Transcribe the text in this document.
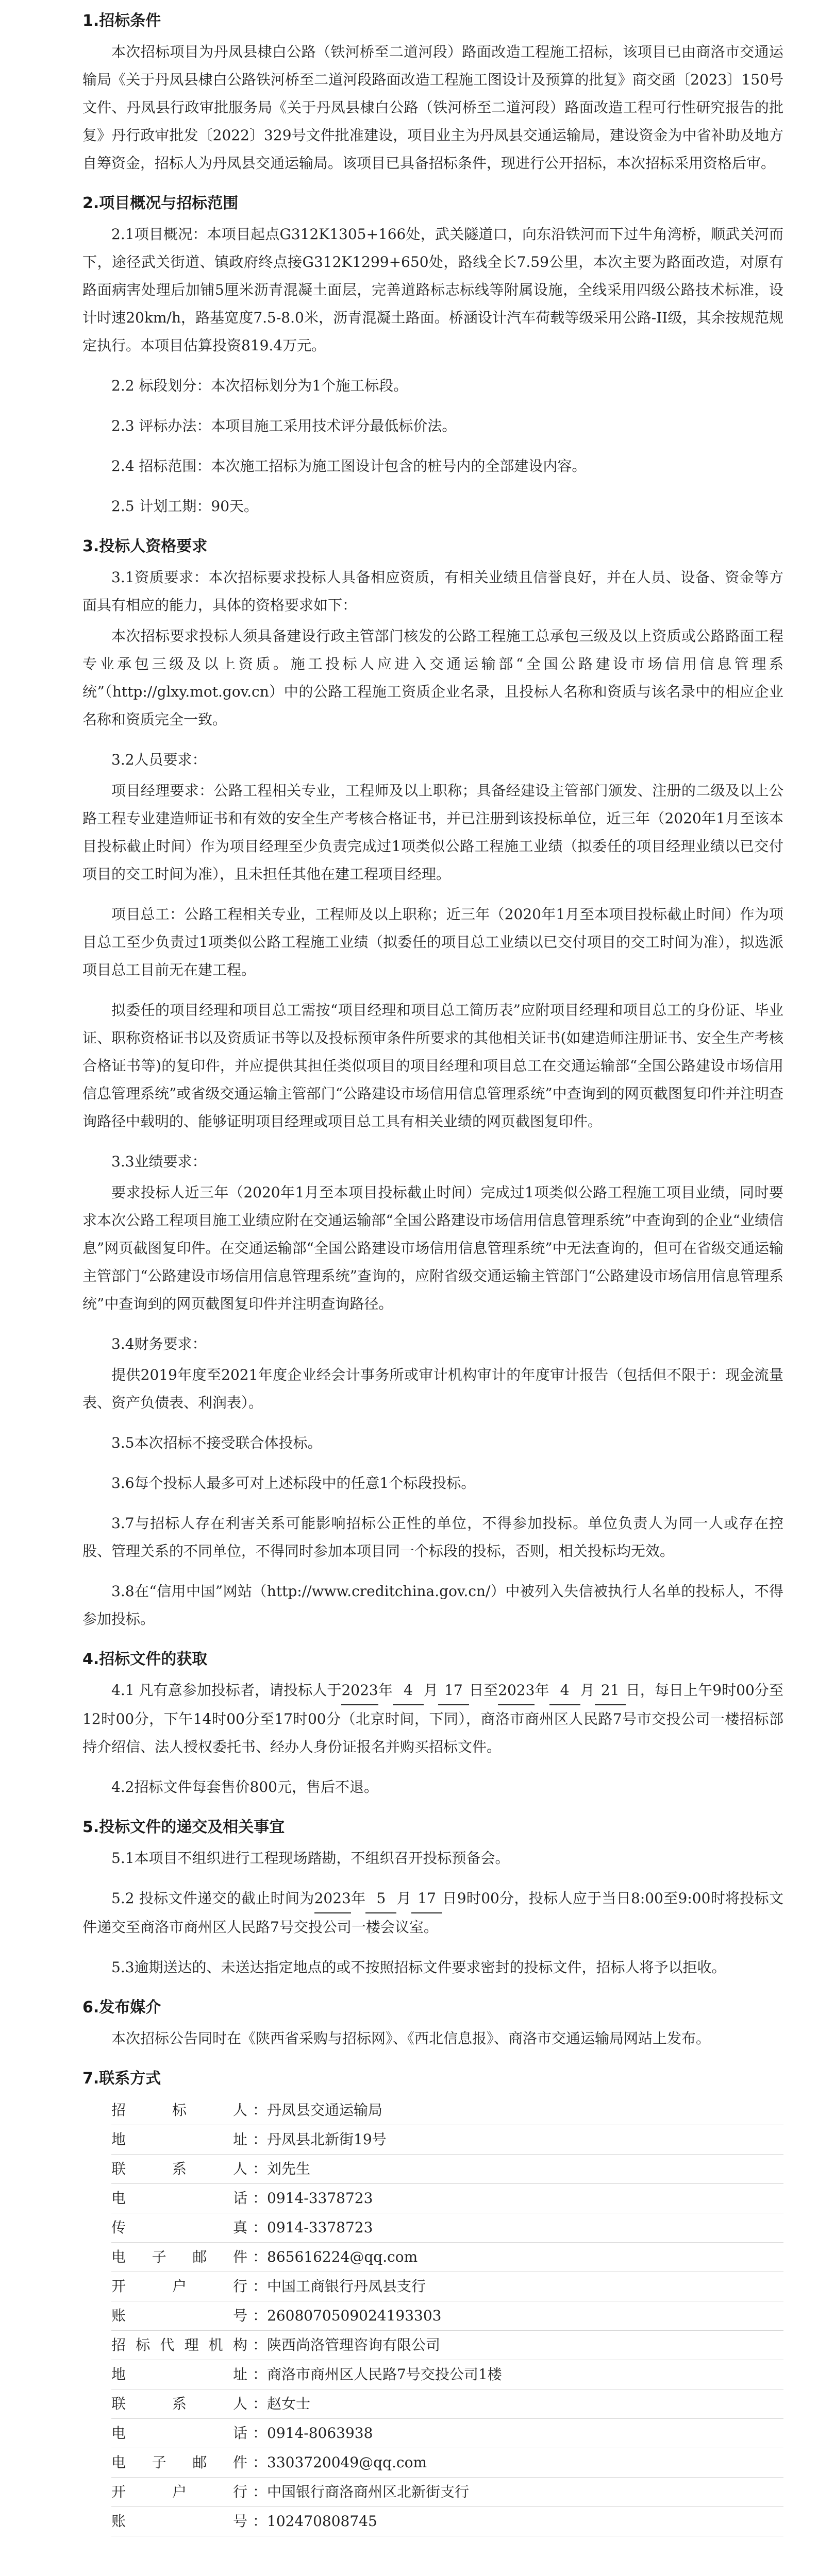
1.招标条件

本次招标项目为丹凤县棣白公路（铁河桥至二道河段）路面改造工程施工招标，该项目已由商洛市交通运输局《关于丹凤县棣白公路铁河桥至二道河段路面改造工程施工图设计及预算的批复》商交函〔2023〕150号文件、丹凤县行政审批服务局《关于丹凤县棣白公路（铁河桥至二道河段）路面改造工程可行性研究报告的批复》丹行政审批发〔2022〕329号文件批准建设，项目业主为丹凤县交通运输局，建设资金为中省补助及地方自筹资金，招标人为丹凤县交通运输局。该项目已具备招标条件，现进行公开招标，本次招标采用资格后审。

2.项目概况与招标范围

2.1项目概况：本项目起点G312K1305+166处，武关隧道口，向东沿铁河而下过牛角湾桥，顺武关河而下，途径武关街道、镇政府终点接G312K1299+650处，路线全长7.59公里，本次主要为路面改造，对原有路面病害处理后加铺5厘米沥青混凝土面层，完善道路标志标线等附属设施，全线采用四级公路技术标准，设计时速20km/h，路基宽度7.5-8.0米，沥青混凝土路面。桥涵设计汽车荷载等级采用公路-II级，其余按规范规定执行。本项目估算投资819.4万元。

2.2 标段划分：本次招标划分为1个施工标段。

2.3 评标办法：本项目施工采用技术评分最低标价法。

2.4 招标范围：本次施工招标为施工图设计包含的桩号内的全部建设内容。

2.5 计划工期：90天。

3.投标人资格要求

3.1资质要求：本次招标要求投标人具备相应资质，有相关业绩且信誉良好，并在人员、设备、资金等方面具有相应的能力，具体的资格要求如下：

本次招标要求投标人须具备建设行政主管部门核发的公路工程施工总承包三级及以上资质或公路路面工程专业承包三级及以上资质。施工投标人应进入交通运输部“全国公路建设市场信用信息管理系统”（http://glxy.mot.gov.cn）中的公路工程施工资质企业名录，且投标人名称和资质与该名录中的相应企业名称和资质完全一致。

3.2人员要求：

项目经理要求：公路工程相关专业，工程师及以上职称；具备经建设主管部门颁发、注册的二级及以上公路工程专业建造师证书和有效的安全生产考核合格证书，并已注册到该投标单位，近三年（2020年1月至该本目投标截止时间）作为项目经理至少负责完成过1项类似公路工程施工业绩（拟委任的项目经理业绩以已交付项目的交工时间为准），且未担任其他在建工程项目经理。

项目总工：公路工程相关专业，工程师及以上职称；近三年（2020年1月至本项目投标截止时间）作为项目总工至少负责过1项类似公路工程施工业绩（拟委任的项目总工业绩以已交付项目的交工时间为准），拟选派项目总工目前无在建工程。

拟委任的项目经理和项目总工需按“项目经理和项目总工简历表”应附项目经理和项目总工的身份证、毕业证、职称资格证书以及资质证书等以及投标预审条件所要求的其他相关证书(如建造师注册证书、安全生产考核合格证书等)的复印件，并应提供其担任类似项目的项目经理和项目总工在交通运输部“全国公路建设市场信用信息管理系统”或省级交通运输主管部门“公路建设市场信用信息管理系统”中查询到的网页截图复印件并注明查询路径中载明的、能够证明项目经理或项目总工具有相关业绩的网页截图复印件。

3.3业绩要求：

要求投标人近三年（2020年1月至本项目投标截止时间）完成过1项类似公路工程施工项目业绩，同时要求本次公路工程项目施工业绩应附在交通运输部“全国公路建设市场信用信息管理系统”中查询到的企业“业绩信息”网页截图复印件。在交通运输部“全国公路建设市场信用信息管理系统”中无法查询的，但可在省级交通运输主管部门“公路建设市场信用信息管理系统”查询的，应附省级交通运输主管部门“公路建设市场信用信息管理系统”中查询到的网页截图复印件并注明查询路径。

3.4财务要求：

提供2019年度至2021年度企业经会计事务所或审计机构审计的年度审计报告（包括但不限于：现金流量表、资产负债表、利润表）。

3.5本次招标不接受联合体投标。

3.6每个投标人最多可对上述标段中的任意1个标段投标。

3.7与招标人存在利害关系可能影响招标公正性的单位，不得参加投标。单位负责人为同一人或存在控股、管理关系的不同单位，不得同时参加本项目同一个标段的投标，否则，相关投标均无效。

3.8在“信用中国”网站（http://www.creditchina.gov.cn/）中被列入失信被执行人名单的投标人，不得参加投标。

4.招标文件的获取

4.1 凡有意参加投标者，请投标人于2023年 4 月 17 日至2023年 4 月 21 日，每日上午9时00分至12时00分，下午14时00分至17时00分（北京时间，下同），商洛市商州区人民路7号市交投公司一楼招标部持介绍信、法人授权委托书、经办人身份证报名并购买招标文件。

4.2招标文件每套售价800元，售后不退。

5.投标文件的递交及相关事宜

5.1本项目不组织进行工程现场踏勘，不组织召开投标预备会。

5.2 投标文件递交的截止时间为2023年 5 月 17 日9时00分，投标人应于当日8:00至9:00时将投标文件递交至商洛市商州区人民路7号交投公司一楼会议室。

5.3逾期送达的、未送达指定地点的或不按照招标文件要求密封的投标文件，招标人将予以拒收。

6.发布媒介

本次招标公告同时在《陕西省采购与招标网》、《西北信息报》、商洛市交通运输局网站上发布。

7.联系方式
招	标	人 ： 丹凤县交通运输局
地	址 ： 丹凤县北新街19号
联	系	人 ： 刘先生
电	话 ： 0914-3378723
传	真 ： 0914-3378723
电 子 邮 件 ： 865616224@qq.com
开	户	行 ： 中国工商银行丹凤县支行
账	号 ： 2608070509024193303
招 标 代 理 机 构 ： 陕西尚洛管理咨询有限公司
地	址 ： 商洛市商州区人民路7号交投公司1楼
联	系	人 ： 赵女士
电	话 ： 0914-8063938
电 子 邮 件 ： 3303720049@qq.com
开	户	行 ： 中国银行商洛商州区北新街支行
账	号 ： 102470808745
